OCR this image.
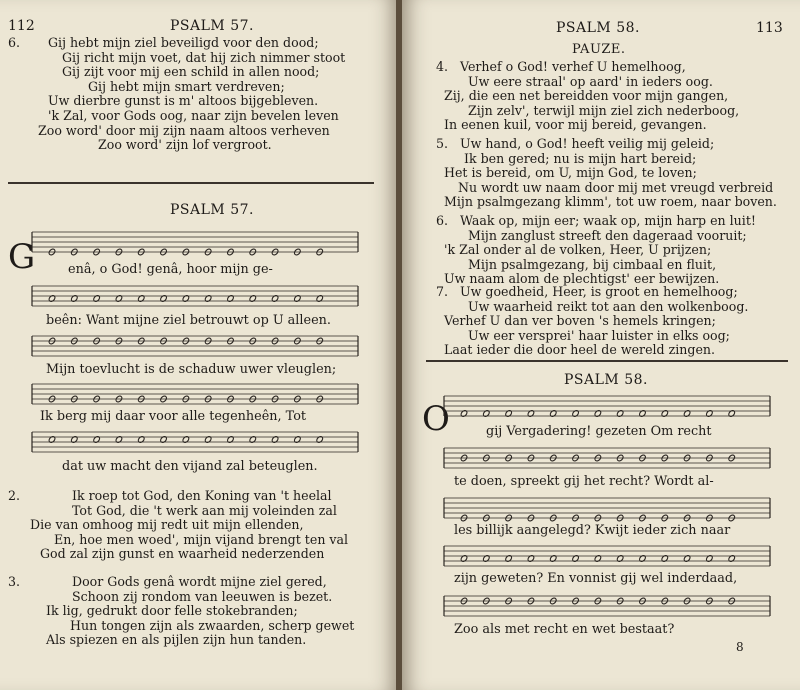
112	PSALM 57.
6. Gij hebt mijn ziel beveiligd voor den dood;
Gij richt mijn voet, dat hij zich nimmer stoot
Gij zijt voor mij een schild in allen nood;
Gij hebt mijn smart verdreven;
Uw dierbre gunst is m' altoos bijgebleven.
'k Zal, voor Gods oog, naar zijn bevelen leven
Zoo word' door mij zijn naam altoos verheven
Zoo word' zijn lof vergroot.
PSALM 57.
G	enâ, o God! genâ, hoor mijn ge-
beên: Want mijne ziel betrouwt op U alleen.
Mijn toevlucht is de schaduw uwer vleuglen;
Ik berg mij daar voor alle tegenheên, Tot
dat uw macht den vijand zal beteuglen.
2.	Ik roep tot God, den Koning van 't heelal
Tot God, die 't werk aan mij voleinden zal
Die van omhoog mij redt uit mijn ellenden,
En, hoe men woed', mijn vijand brengt ten val
God zal zijn gunst en waarheid nederzenden
3.	Door Gods genâ wordt mijne ziel gered,
Schoon zij rondom van leeuwen is bezet.
Ik lig, gedrukt door felle stokebranden;
Hun tongen zijn als zwaarden, scherp gewet
Als spiezen en als pijlen zijn hun tanden.
PSALM 58.	113
PAUZE.
4. Verhef o God! verhef U hemelhoog,
Uw eere straal' op aard' in ieders oog.
Zij, die een net bereidden voor mijn gangen,
Zijn zelv', terwijl mijn ziel zich nederboog,
In eenen kuil, voor mij bereid, gevangen.
5. Uw hand, o God! heeft veilig mij geleid;
Ik ben gered; nu is mijn hart bereid;
Het is bereid, om U, mijn God, te loven;
Nu wordt uw naam door mij met vreugd verbreid
Mijn psalmgezang klimm', tot uw roem, naar boven.
6. Waak op, mijn eer; waak op, mijn harp en luit!
Mijn zanglust streeft den dageraad vooruit;
'k Zal onder al de volken, Heer, U prijzen;
Mijn psalmgezang, bij cimbaal en fluit,
Uw naam alom de plechtigst' eer bewijzen.
7. Uw goedheid, Heer, is groot en hemelhoog;
Uw waarheid reikt tot aan den wolkenboog.
Verhef U dan ver boven 's hemels kringen;
Uw eer versprei' haar luister in elks oog;
Laat ieder die door heel de wereld zingen.
PSALM 58.
O	gij Vergadering! gezeten Om recht
te doen, spreekt gij het recht? Wordt al-
les billijk aangelegd? Kwijt ieder zich naar
zijn geweten? En vonnist gij wel inderdaad,
Zoo als met recht en wet bestaat?
8
